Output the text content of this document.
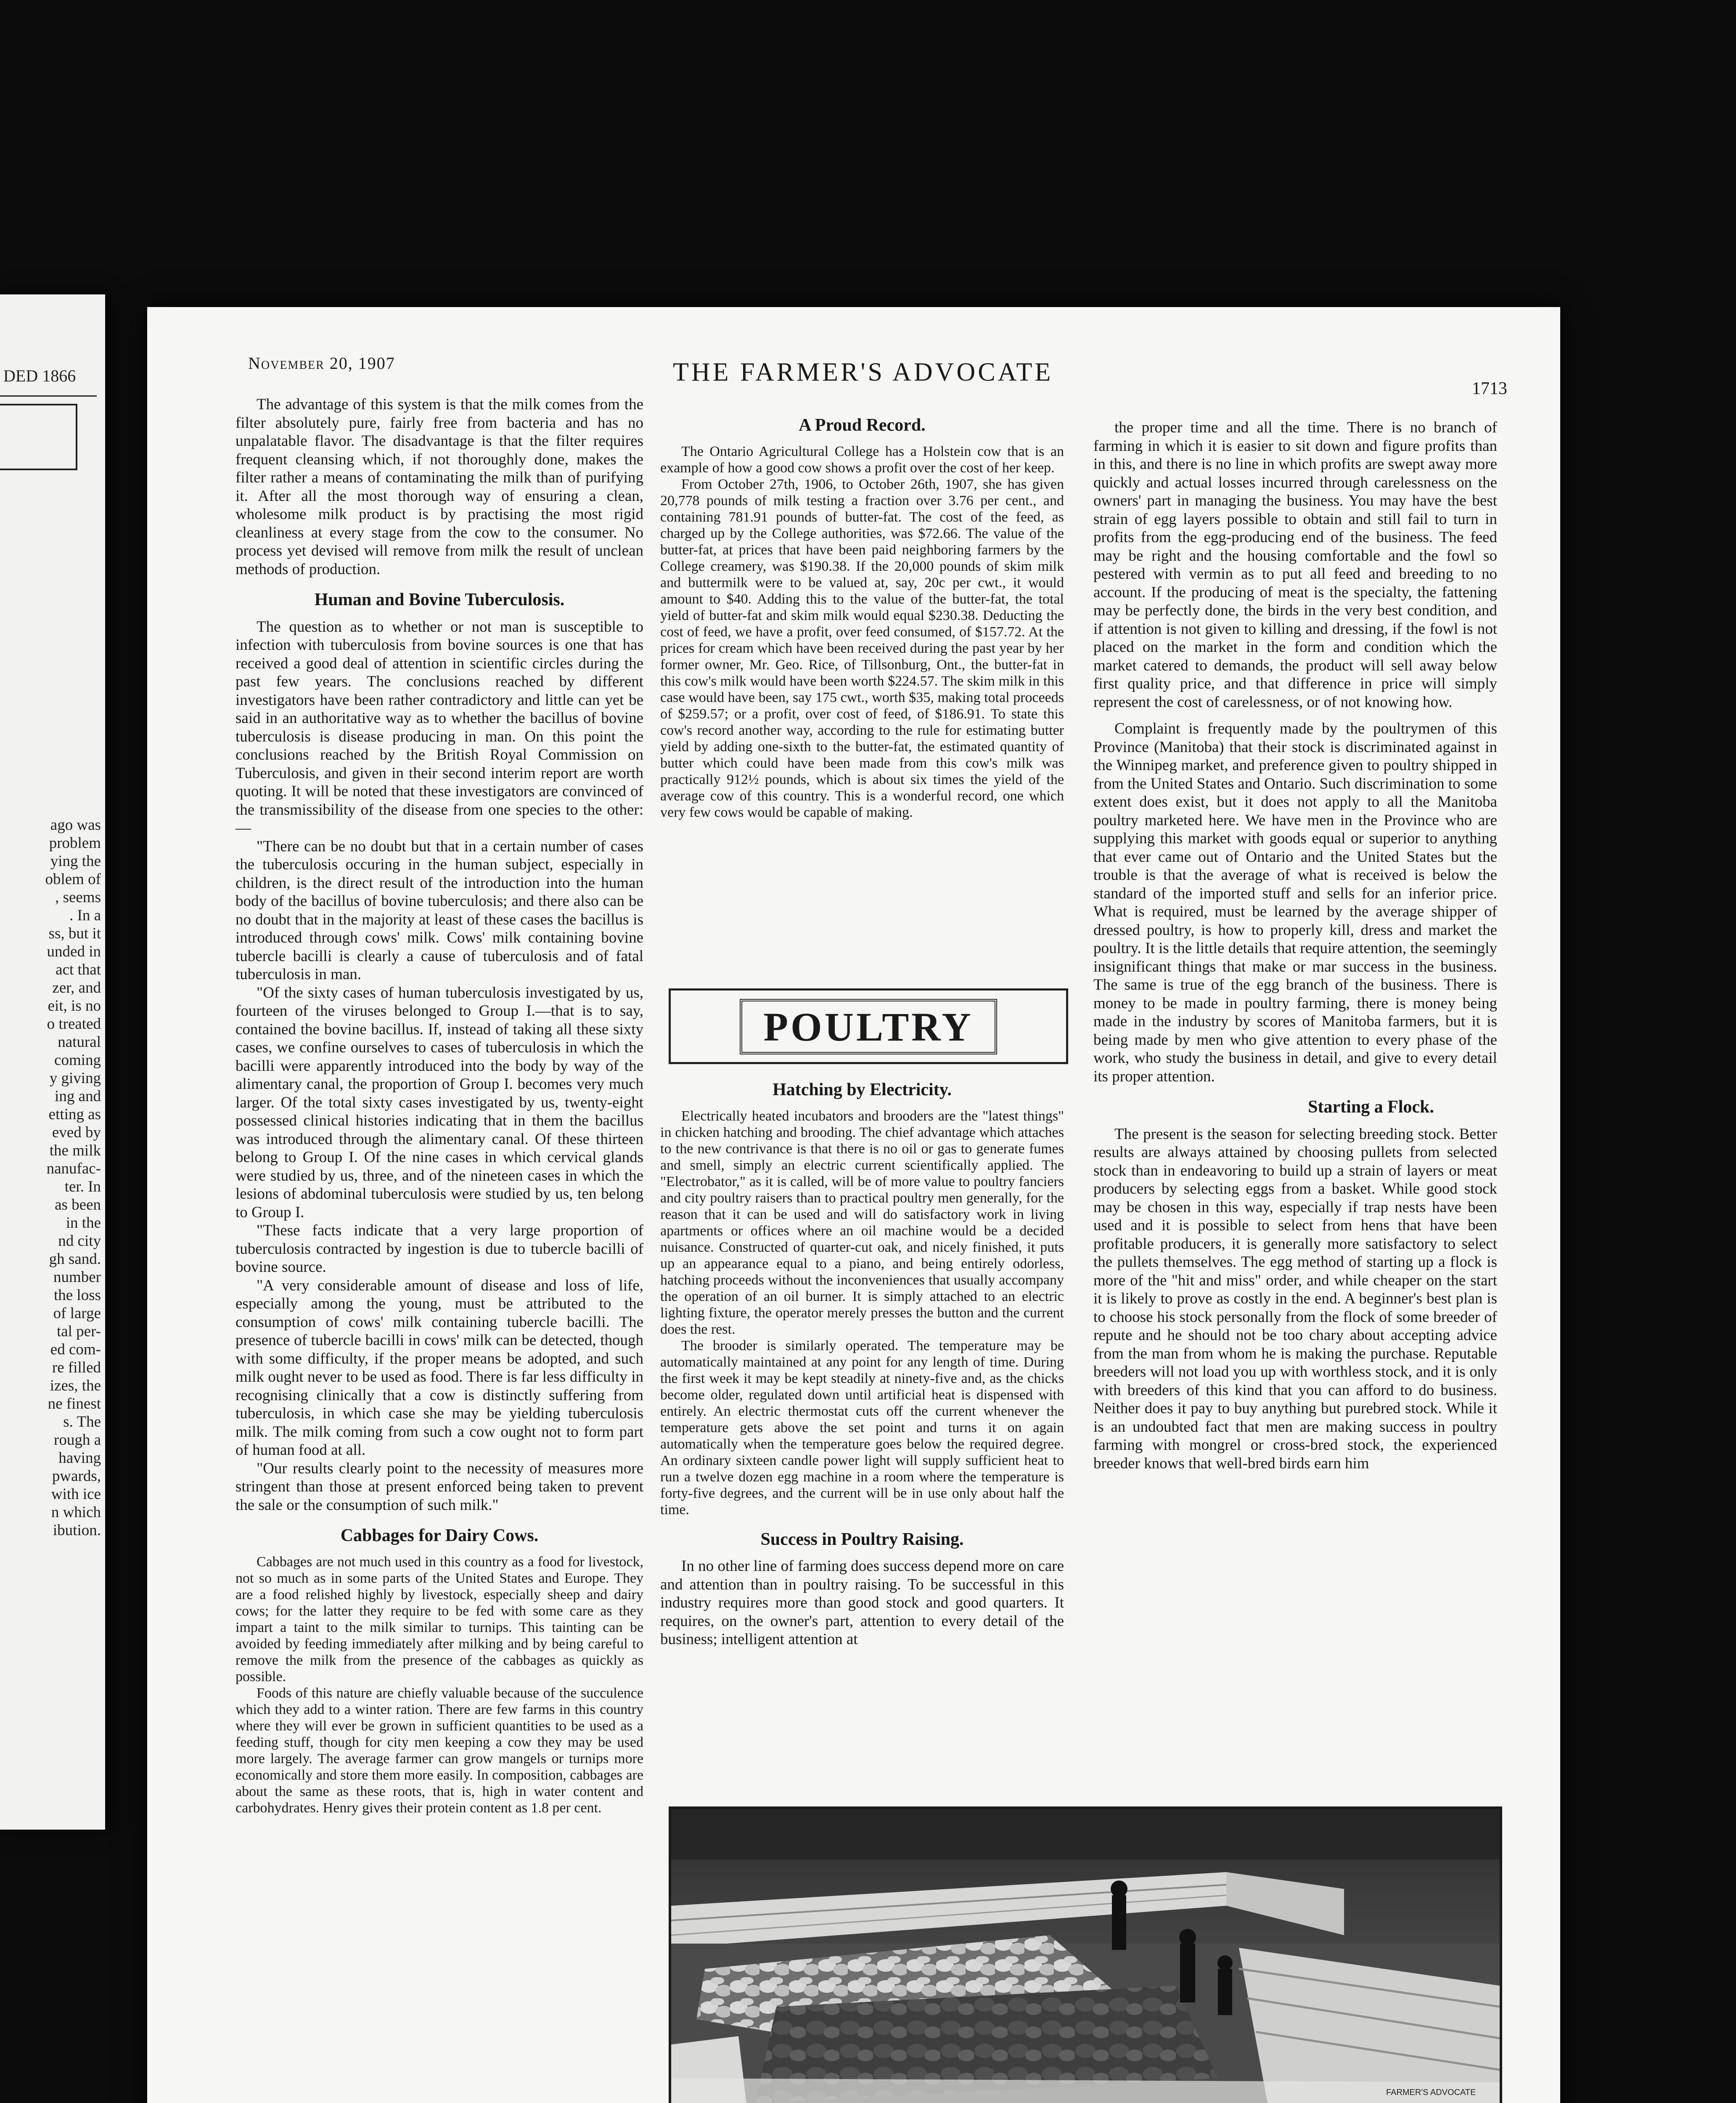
DED 1866
ago was
problem
ying the
oblem of
, seems
. In a
ss, but it
unded in
act that
zer, and
eit, is no
o treated
natural
coming
y giving
ing and
etting as
eved by
the milk
nanufac-
ter. In
as been
in the
nd city
gh sand.
number
the loss
of large
tal per-
ed com-
re filled
izes, the
ne finest
s. The
rough a
having
pwards,
with ice
n which
ibution.
November 20, 1907	THE FARMER'S ADVOCATE
1713

The advantage of this system is that the milk comes from the filter absolutely pure, fairly free from bacteria and has no unpalatable flavor. The disadvantage is that the filter requires frequent cleansing which, if not thoroughly done, makes the filter rather a means of contaminating the milk than of purifying it. After all the most thorough way of ensuring a clean, wholesome milk product is by practising the most rigid cleanliness at every stage from the cow to the consumer. No process yet devised will remove from milk the result of unclean methods of production.

Human and Bovine Tuberculosis.

The question as to whether or not man is susceptible to infection with tuberculosis from bovine sources is one that has received a good deal of attention in scientific circles during the past few years. The conclusions reached by different investigators have been rather contradictory and little can yet be said in an authoritative way as to whether the bacillus of bovine tuberculosis is disease producing in man. On this point the conclusions reached by the British Royal Commission on Tuberculosis, and given in their second interim report are worth quoting. It will be noted that these investigators are convinced of the transmissibility of the disease from one species to the other:—

"There can be no doubt but that in a certain number of cases the tuberculosis occuring in the human subject, especially in children, is the direct result of the introduction into the human body of the bacillus of bovine tuberculosis; and there also can be no doubt that in the majority at least of these cases the bacillus is introduced through cows' milk. Cows' milk containing bovine tubercle bacilli is clearly a cause of tuberculosis and of fatal tuberculosis in man.

"Of the sixty cases of human tuberculosis investigated by us, fourteen of the viruses belonged to Group I.—that is to say, contained the bovine bacillus. If, instead of taking all these sixty cases, we confine ourselves to cases of tuberculosis in which the bacilli were apparently introduced into the body by way of the alimentary canal, the proportion of Group I. becomes very much larger. Of the total sixty cases investigated by us, twenty-eight possessed clinical histories indicating that in them the bacillus was introduced through the alimentary canal. Of these thirteen belong to Group I. Of the nine cases in which cervical glands were studied by us, three, and of the nineteen cases in which the lesions of abdominal tuberculosis were studied by us, ten belong to Group I.

"These facts indicate that a very large proportion of tuberculosis contracted by ingestion is due to tubercle bacilli of bovine source.

"A very considerable amount of disease and loss of life, especially among the young, must be attributed to the consumption of cows' milk containing tubercle bacilli. The presence of tubercle bacilli in cows' milk can be detected, though with some difficulty, if the proper means be adopted, and such milk ought never to be used as food. There is far less difficulty in recognising clinically that a cow is distinctly suffering from tuberculosis, in which case she may be yielding tuberculosis milk. The milk coming from such a cow ought not to form part of human food at all.

"Our results clearly point to the necessity of measures more stringent than those at present enforced being taken to prevent the sale or the consumption of such milk."

Cabbages for Dairy Cows.

Cabbages are not much used in this country as a food for livestock, not so much as in some parts of the United States and Europe. They are a food relished highly by livestock, especially sheep and dairy cows; for the latter they require to be fed with some care as they impart a taint to the milk similar to turnips. This tainting can be avoided by feeding immediately after milking and by being careful to remove the milk from the presence of the cabbages as quickly as possible.

Foods of this nature are chiefly valuable because of the succulence which they add to a winter ration. There are few farms in this country where they will ever be grown in sufficient quantities to be used as a feeding stuff, though for city men keeping a cow they may be used more largely. The average farmer can grow mangels or turnips more economically and store them more easily. In composition, cabbages are about the same as these roots, that is, high in water content and carbohydrates. Henry gives their protein content as 1.8 per cent.

A Proud Record.

The Ontario Agricultural College has a Holstein cow that is an example of how a good cow shows a profit over the cost of her keep.

From October 27th, 1906, to October 26th, 1907, she has given 20,778 pounds of milk testing a fraction over 3.76 per cent., and containing 781.91 pounds of butter-fat. The cost of the feed, as charged up by the College authorities, was $72.66. The value of the butter-fat, at prices that have been paid neighboring farmers by the College creamery, was $190.38. If the 20,000 pounds of skim milk and buttermilk were to be valued at, say, 20c per cwt., it would amount to $40. Adding this to the value of the butter-fat, the total yield of butter-fat and skim milk would equal $230.38. Deducting the cost of feed, we have a profit, over feed consumed, of $157.72. At the prices for cream which have been received during the past year by her former owner, Mr. Geo. Rice, of Tillsonburg, Ont., the butter-fat in this cow's milk would have been worth $224.57. The skim milk in this case would have been, say 175 cwt., worth $35, making total proceeds of $259.57; or a profit, over cost of feed, of $186.91. To state this cow's record another way, according to the rule for estimating butter yield by adding one-sixth to the butter-fat, the estimated quantity of butter which could have been made from this cow's milk was practically 912½ pounds, which is about six times the yield of the average cow of this country. This is a wonderful record, one which very few cows would be capable of making.

POULTRY
Hatching by Electricity.

Electrically heated incubators and brooders are the "latest things" in chicken hatching and brooding. The chief advantage which attaches to the new contrivance is that there is no oil or gas to generate fumes and smell, simply an electric current scientifically applied. The "Electrobator," as it is called, will be of more value to poultry fanciers and city poultry raisers than to practical poultry men generally, for the reason that it can be used and will do satisfactory work in living apartments or offices where an oil machine would be a decided nuisance. Constructed of quarter-cut oak, and nicely finished, it puts up an appearance equal to a piano, and being entirely odorless, hatching proceeds without the inconveniences that usually accompany the operation of an oil burner. It is simply attached to an electric lighting fixture, the operator merely presses the button and the current does the rest.

The brooder is similarly operated. The temperature may be automatically maintained at any point for any length of time. During the first week it may be kept steadily at ninety-five and, as the chicks become older, regulated down until artificial heat is dispensed with entirely. An electric thermostat cuts off the current whenever the temperature gets above the set point and turns it on again automatically when the temperature goes below the required degree. An ordinary sixteen candle power light will supply sufficient heat to run a twelve dozen egg machine in a room where the temperature is forty-five degrees, and the current will be in use only about half the time.

Success in Poultry Raising.

In no other line of farming does success depend more on care and attention than in poultry raising. To be successful in this industry requires more than good stock and good quarters. It requires, on the owner's part, attention to every detail of the business; intelligent attention at

the proper time and all the time. There is no branch of farming in which it is easier to sit down and figure profits than in this, and there is no line in which profits are swept away more quickly and actual losses incurred through carelessness on the owners' part in managing the business. You may have the best strain of egg layers possible to obtain and still fail to turn in profits from the egg-producing end of the business. The feed may be right and the housing comfortable and the fowl so pestered with vermin as to put all feed and breeding to no account. If the producing of meat is the specialty, the fattening may be perfectly done, the birds in the very best condition, and if attention is not given to killing and dressing, if the fowl is not placed on the market in the form and condition which the market catered to demands, the product will sell away below first quality price, and that difference in price will simply represent the cost of carelessness, or of not knowing how.

Complaint is frequently made by the poultrymen of this Province (Manitoba) that their stock is discriminated against in the Winnipeg market, and preference given to poultry shipped in from the United States and Ontario. Such discrimination to some extent does exist, but it does not apply to all the Manitoba poultry marketed here. We have men in the Province who are supplying this market with goods equal or superior to anything that ever came out of Ontario and the United States but the trouble is that the average of what is received is below the standard of the imported stuff and sells for an inferior price. What is required, must be learned by the average shipper of dressed poultry, is how to properly kill, dress and market the poultry. It is the little details that require attention, the seemingly insignificant things that make or mar success in the business. The same is true of the egg branch of the business. There is money to be made in poultry farming, there is money being made in the industry by scores of Manitoba farmers, but it is being made by men who give attention to every phase of the work, who study the business in detail, and give to every detail its proper attention.

Starting a Flock.

The present is the season for selecting breeding stock. Better results are always attained by choosing pullets from selected stock than in endeavoring to build up a strain of layers or meat producers by selecting eggs from a basket. While good stock may be chosen in this way, especially if trap nests have been used and it is possible to select from hens that have been profitable producers, it is generally more satisfactory to select the pullets themselves. The egg method of starting up a flock is more of the "hit and miss" order, and while cheaper on the start it is likely to prove as costly in the end. A beginner's best plan is to choose his stock personally from the flock of some breeder of repute and he should not be too chary about accepting advice from the man from whom he is making the purchase. Reputable breeders will not load you up with worthless stock, and it is only with breeders of this kind that you can afford to do business. Neither does it pay to buy anything but purebred stock. While it is an undoubted fact that men are making success in poultry farming with mongrel or cross-bred stock, the experienced breeder knows that well-bred birds earn him

FARMER'S ADVOCATE
